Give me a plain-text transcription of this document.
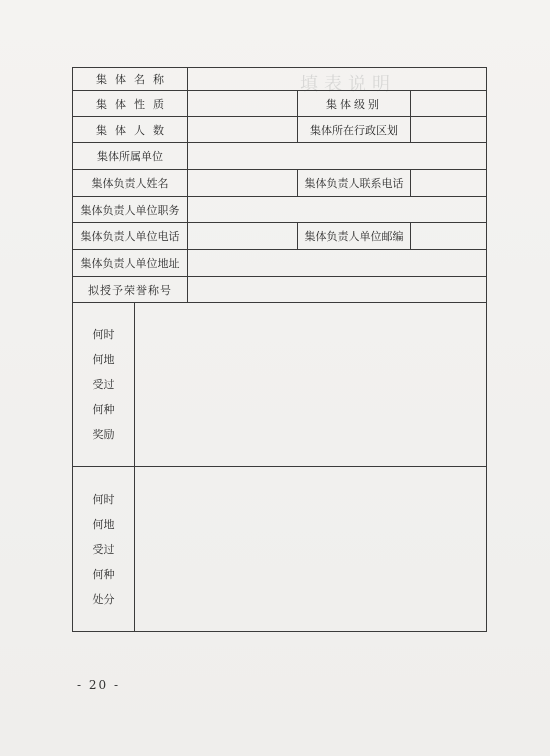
填表说明
集体名称
集体性质	集体级别
集体人数	集体所在行政区划
集体所属单位
集体负责人姓名	集体负责人联系电话
集体负责人单位职务
集体负责人单位电话	集体负责人单位邮编
集体负责人单位地址
拟授予荣誉称号
何时
何地
受过
何种
奖励
何时
何地
受过
何种
处分
- 20 -
